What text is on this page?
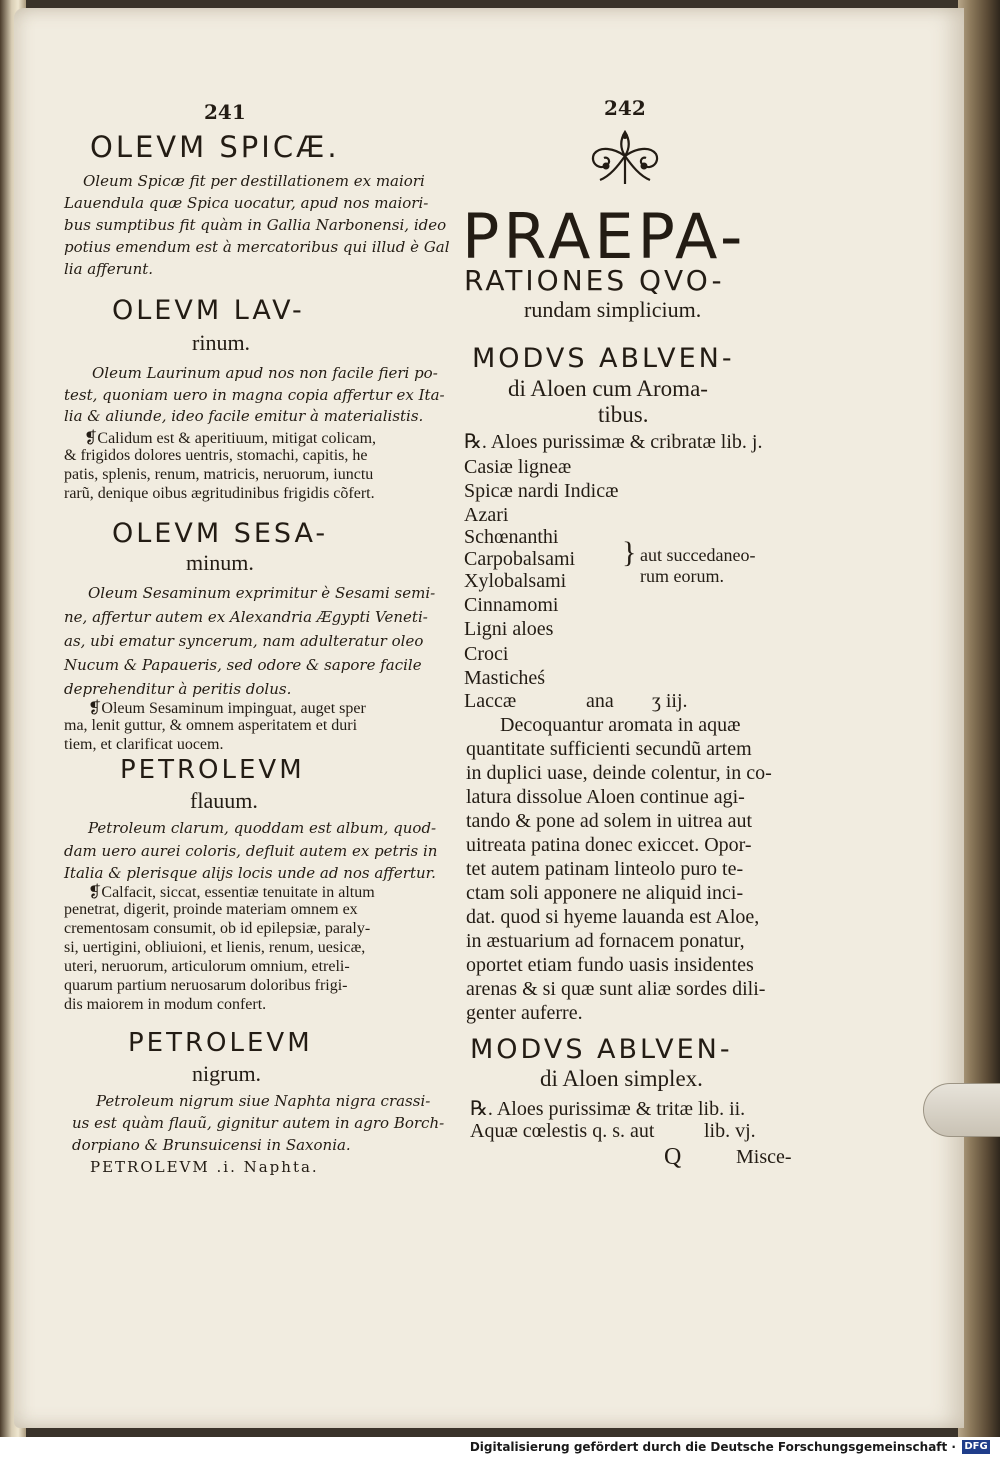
241
OLEVM SPICÆ.
Oleum Spicæ fit per destillationem ex maiori
Lauendula quæ Spica uocatur, apud nos maiori-
bus sumptibus fit quàm in Gallia Narbonensi, ideo
potius emendum est à mercatoribus qui illud è Gal
lia afferunt.
OLEVM LAV-
rinum.
Oleum Laurinum apud nos non facile fieri po-
test, quoniam uero in magna copia affertur ex Ita-
lia & aliunde, ideo facile emitur à materialistis.
❡Calidum est & aperitiuum, mitigat colicam,
& frigidos dolores uentris, stomachi, capitis, he
patis, splenis, renum, matricis, neruorum, iunctu
rarũ, denique oibus ægritudinibus frigidis cõfert.
OLEVM SESA-
minum.
Oleum Sesaminum exprimitur è Sesami semi-
ne, affertur autem ex Alexandria Ægypti Veneti-
as, ubi ematur syncerum, nam adulteratur oleo
Nucum & Papaueris, sed odore & sapore facile
deprehenditur à peritis dolus.
❡Oleum Sesaminum impinguat, auget sper
ma, lenit guttur, & omnem asperitatem et duri
tiem, et clarificat uocem.
PETROLEVM
flauum.
Petroleum clarum, quoddam est album, quod-
dam uero aurei coloris, defluit autem ex petris in
Italia & plerisque alijs locis unde ad nos affertur.
❡Calfacit, siccat, essentiæ tenuitate in altum
penetrat, digerit, proinde materiam omnem ex
crementosam consumit, ob id epilepsiæ, paraly-
si, uertigini, obliuioni, et lienis, renum, uesicæ,
uteri, neruorum, articulorum omnium, etreli-
quarum partium neruosarum doloribus frigi-
dis maiorem in modum confert.
PETROLEVM
nigrum.
Petroleum nigrum siue Naphta nigra crassi-
us est quàm flauũ, gignitur autem in agro Borch-
dorpiano & Brunsuicensi in Saxonia.
PETROLEVM .i. Naphta.
242
PRAEPA-
RATIONES QVO-
rundam simplicium.
MODVS ABLVEN-
di Aloen cum Aroma-
tibus.
℞. Aloes purissimæ & cribratæ lib. j.
Casiæ ligneæ
Spicæ nardi Indicæ
Azari
Schœnanthi
Carpobalsami
Xylobalsami
Cinnamomi
Ligni aloes
Croci
Masticheś
Laccæ
} aut succedaneo-
rum eorum.
ana ʒ iij.
Decoquantur aromata in aquæ
quantitate sufficienti secundũ artem
in duplici uase, deinde colentur, in co-
latura dissolue Aloen continue agi-
tando & pone ad solem in uitrea aut
uitreata patina donec exiccet. Opor-
tet autem patinam linteolo puro te-
ctam soli apponere ne aliquid inci-
dat. quod si hyeme lauanda est Aloe,
in æstuarium ad fornacem ponatur,
oportet etiam fundo uasis insidentes
arenas & si quæ sunt aliæ sordes dili-
genter auferre.
MODVS ABLVEN-
di Aloen simplex.
℞. Aloes purissimæ & tritæ lib. ii.
Aquæ cœlestis q. s. aut lib. vj.
Q	Misce-
Digitalisierung gefördert durch die Deutsche Forschungsgemeinschaft · DFG
